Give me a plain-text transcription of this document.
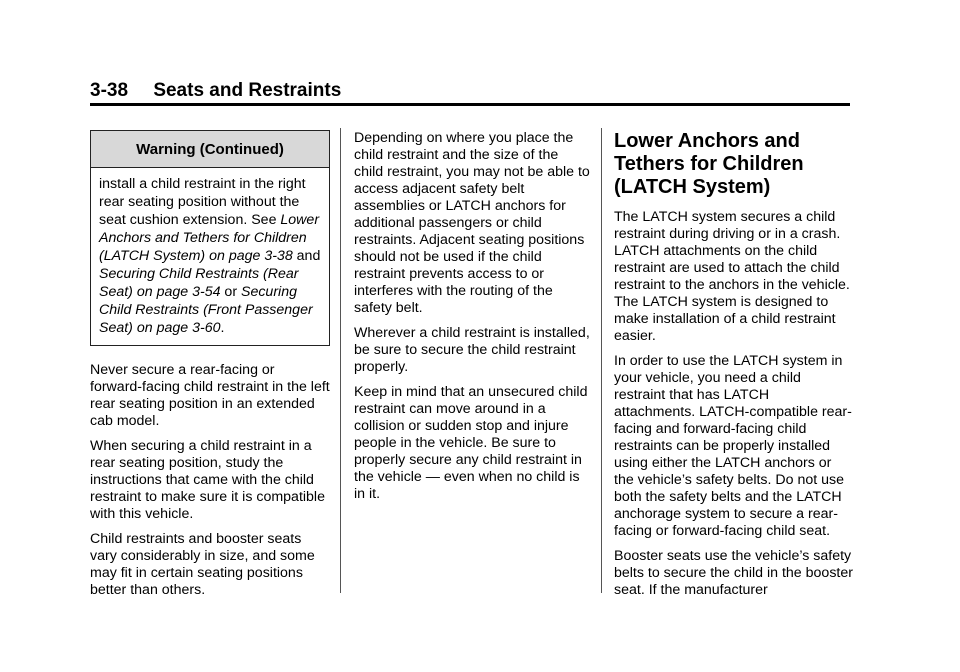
3-38 Seats and Restraints
Warning (Continued)
install a child restraint in the right rear seating position without the seat cushion extension. See Lower Anchors and Tethers for Children (LATCH System) on page 3-38 and Securing Child Restraints (Rear Seat) on page 3-54 or Securing Child Restraints (Front Passenger Seat) on page 3-60.

Never secure a rear-facing or forward-facing child restraint in the left rear seating position in an extended cab model.

When securing a child restraint in a rear seating position, study the instructions that came with the child restraint to make sure it is compatible with this vehicle.

Child restraints and booster seats vary considerably in size, and some may fit in certain seating positions better than others.

Depending on where you place the child restraint and the size of the child restraint, you may not be able to access adjacent safety belt assemblies or LATCH anchors for additional passengers or child restraints. Adjacent seating positions should not be used if the child restraint prevents access to or interferes with the routing of the safety belt.

Wherever a child restraint is installed, be sure to secure the child restraint properly.

Keep in mind that an unsecured child restraint can move around in a collision or sudden stop and injure people in the vehicle. Be sure to properly secure any child restraint in the vehicle — even when no child is in it.

Lower Anchors and Tethers for Children (LATCH System)

The LATCH system secures a child restraint during driving or in a crash. LATCH attachments on the child restraint are used to attach the child restraint to the anchors in the vehicle. The LATCH system is designed to make installation of a child restraint easier.

In order to use the LATCH system in your vehicle, you need a child restraint that has LATCH attachments. LATCH-compatible rear-facing and forward-facing child restraints can be properly installed using either the LATCH anchors or the vehicle’s safety belts. Do not use both the safety belts and the LATCH anchorage system to secure a rear-facing or forward-facing child seat.

Booster seats use the vehicle’s safety belts to secure the child in the booster seat. If the manufacturer
